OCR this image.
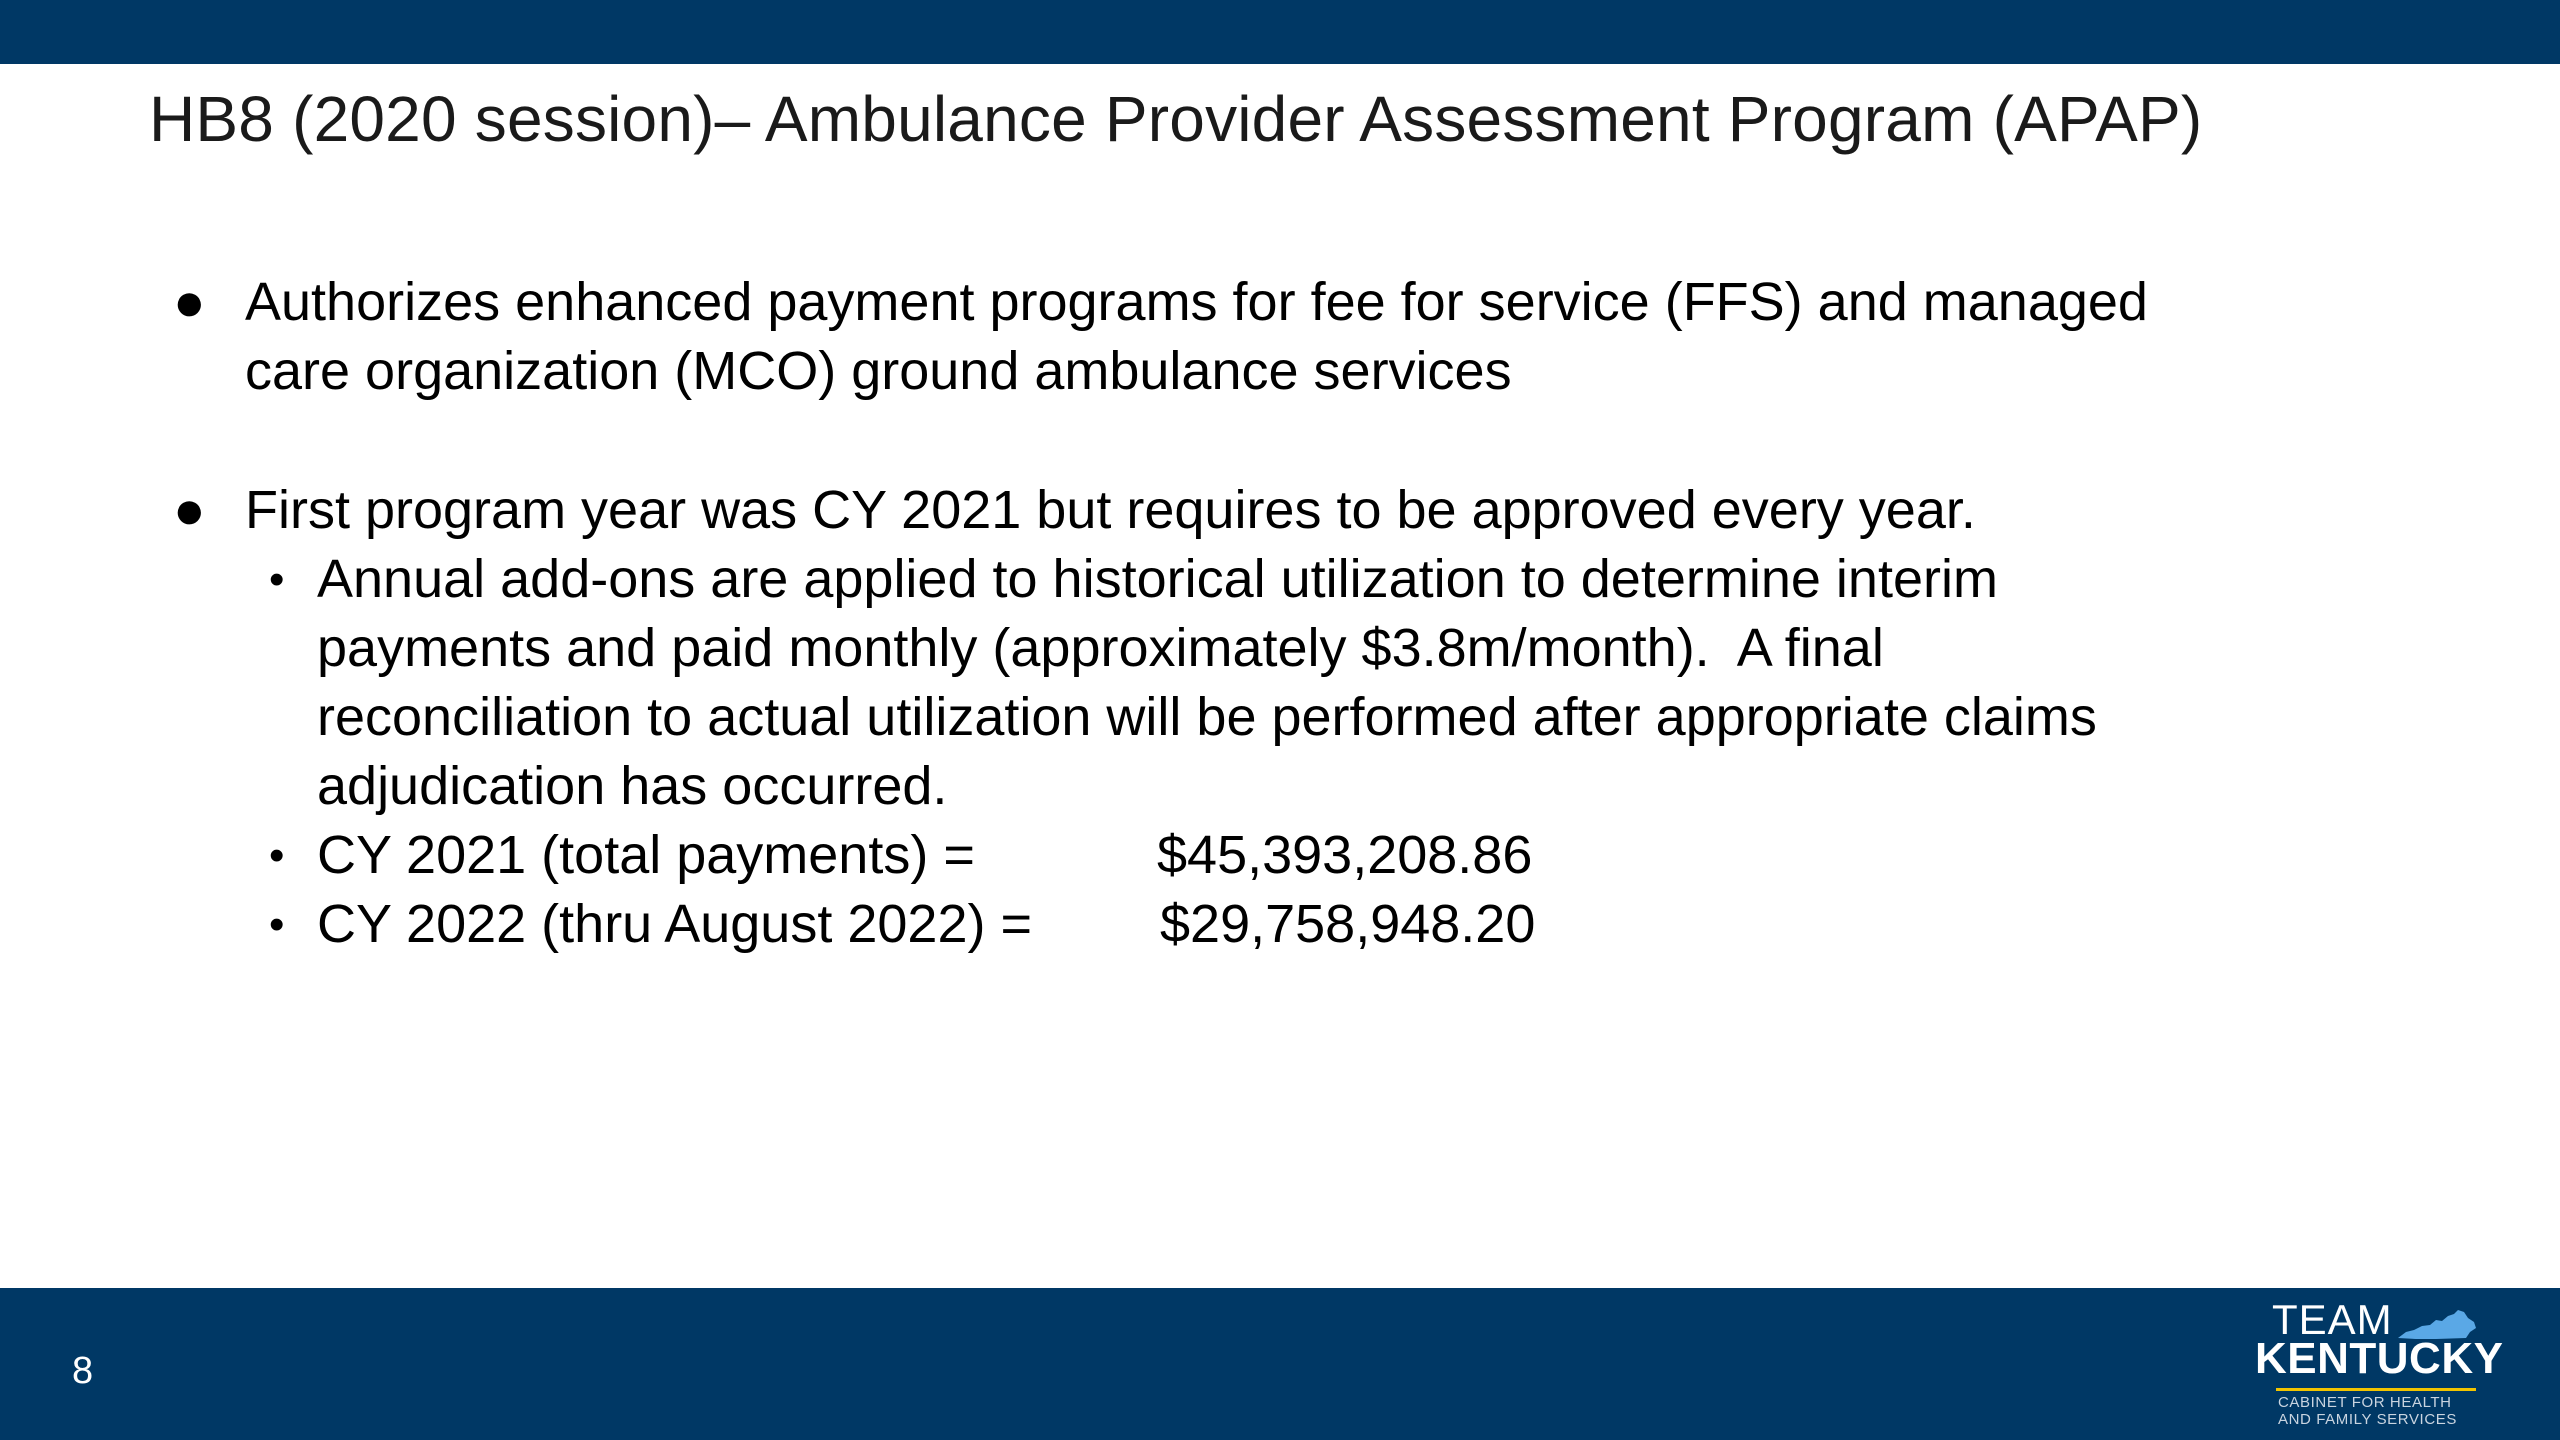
HB8 (2020 session)– Ambulance Provider Assessment Program (APAP)
● Authorizes enhanced payment programs for fee for service (FFS) and managed
care organization (MCO) ground ambulance services
● First program year was CY 2021 but requires to be approved every year.
• Annual add-ons are applied to historical utilization to determine interim
payments and paid monthly (approximately $3.8m/month).  A final
reconciliation to actual utilization will be performed after appropriate claims
adjudication has occurred.
• CY 2021 (total payments) =	$45,393,208.86
• CY 2022 (thru August 2022) = $29,758,948.20
8
TEAM
KENTUCKY
CABINET FOR HEALTH
AND FAMILY SERVICES
